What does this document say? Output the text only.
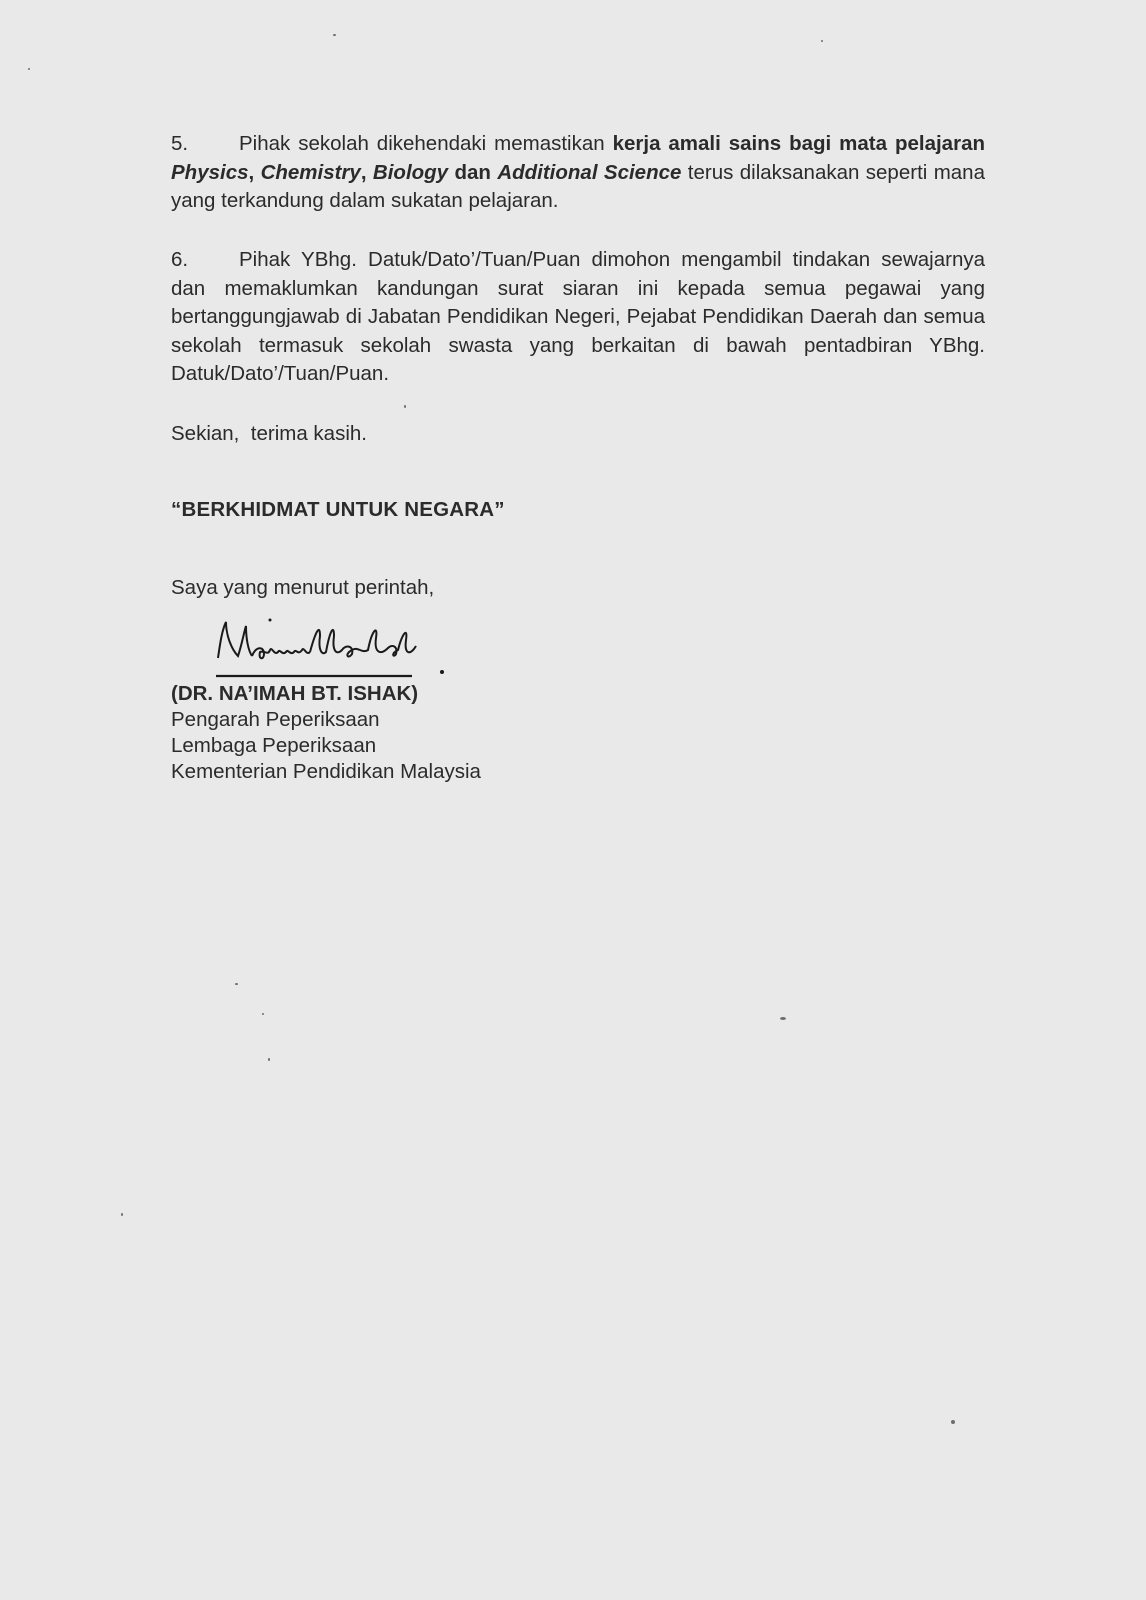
5. Pihak sekolah dikehendaki memastikan kerja amali sains bagi mata pelajaran Physics, Chemistry, Biology dan Additional Science terus dilaksanakan seperti mana yang terkandung dalam sukatan pelajaran.
6. Pihak YBhg. Datuk/Dato’/Tuan/Puan dimohon mengambil tindakan sewajarnya dan memaklumkan kandungan surat siaran ini kepada semua pegawai yang bertanggungjawab di Jabatan Pendidikan Negeri, Pejabat Pendidikan Daerah dan semua sekolah termasuk sekolah swasta yang berkaitan di bawah pentadbiran YBhg. Datuk/Dato’/Tuan/Puan.
Sekian,  terima kasih.
“BERKHIDMAT UNTUK NEGARA”
Saya yang menurut perintah,
(DR. NA’IMAH BT. ISHAK)
Pengarah Peperiksaan
Lembaga Peperiksaan
Kementerian Pendidikan Malaysia
